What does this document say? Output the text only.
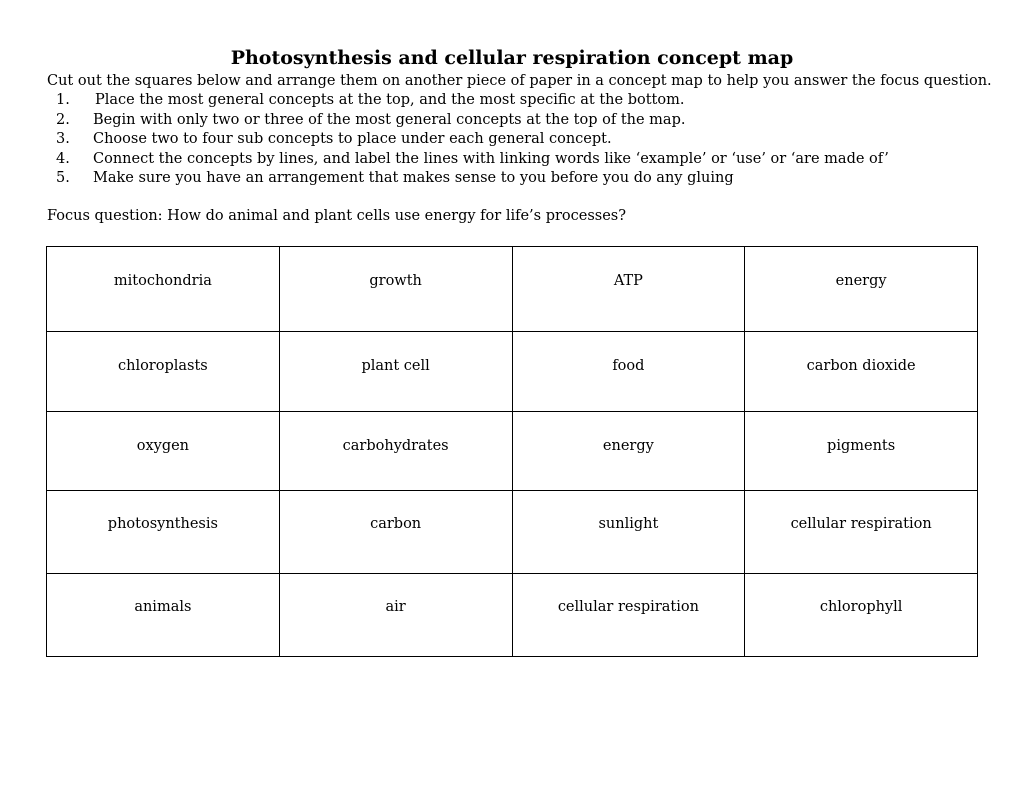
Photosynthesis and cellular respiration concept map

Cut out the squares below and arrange them on another piece of paper in a concept map to help you answer the focus question.

1.	Place the most general concepts at the top, and the most specific at the bottom.
2.	Begin with only two or three of the most general concepts at the top of the map.
3.	Choose two to four sub concepts to place under each general concept.
4.	Connect the concepts by lines, and label the lines with linking words like ‘example’ or ‘use’ or ‘are made of’
5.	Make sure you have an arrangement that makes sense to you before you do any gluing

Focus question: How do animal and plant cells use energy for life’s processes?

mitochondria	growth	ATP	energy

chloroplasts	plant cell	food	carbon dioxide

oxygen	carbohydrates	energy	pigments

photosynthesis	carbon	sunlight	cellular respiration

animals	air	cellular respiration	chlorophyll
